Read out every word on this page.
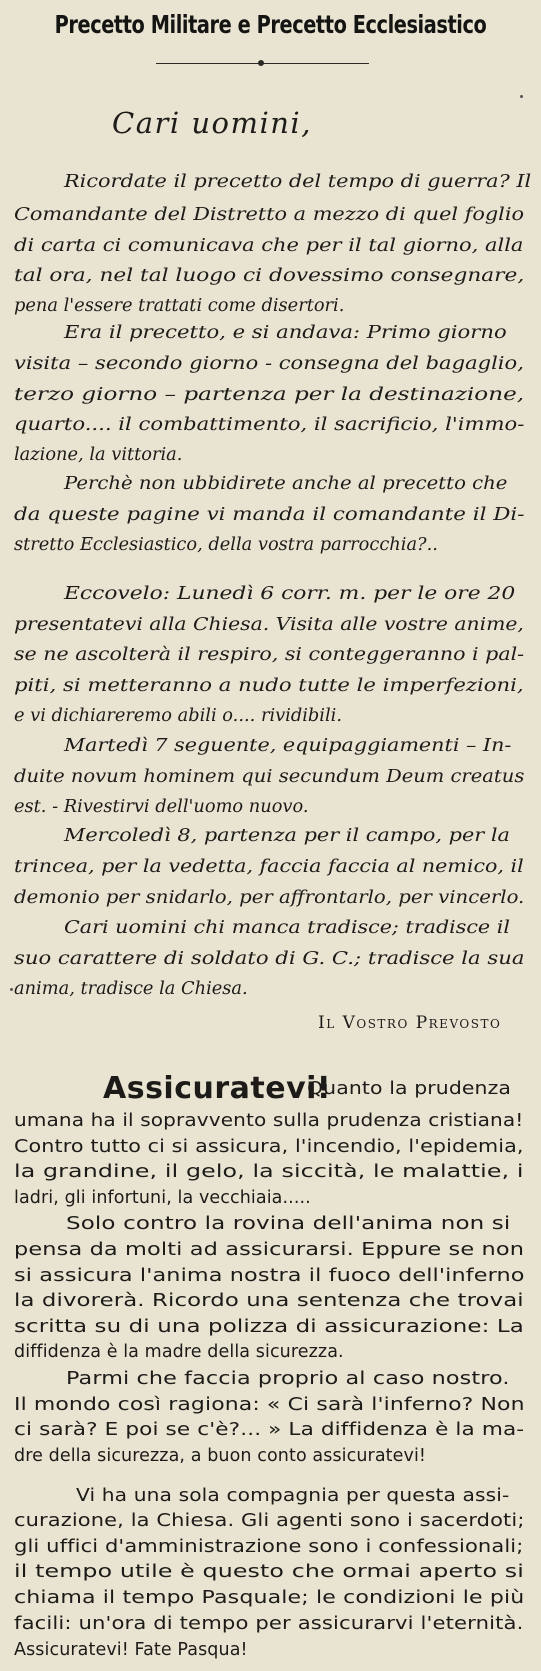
Precetto Militare e Precetto Ecclesiastico
Cari uomini,
Ricordate il precetto del tempo di guerra? Il
Comandante del Distretto a mezzo di quel foglio
di carta ci comunicava che per il tal giorno, alla
tal ora, nel tal luogo ci dovessimo consegnare,
pena l'essere trattati come disertori.
Era il precetto, e si andava: Primo giorno
visita – secondo giorno - consegna del bagaglio,
terzo giorno – partenza per la destinazione,
quarto.... il combattimento, il sacrificio, l'immo-
lazione, la vittoria.
Perchè non ubbidirete anche al precetto che
da queste pagine vi manda il comandante il Di-
stretto Ecclesiastico, della vostra parrocchia?..
Eccovelo: Lunedì 6 corr. m. per le ore 20
presentatevi alla Chiesa. Visita alle vostre anime,
se ne ascolterà il respiro, si conteggeranno i pal-
piti, si metteranno a nudo tutte le imperfezioni,
e vi dichiareremo abili o.... rividibili.
Martedì 7 seguente, equipaggiamenti – In-
duite novum hominem qui secundum Deum creatus
est. - Rivestirvi dell'uomo nuovo.
Mercoledì 8, partenza per il campo, per la
trincea, per la vedetta, faccia faccia al nemico, il
demonio per snidarlo, per affrontarlo, per vincerlo.
Cari uomini chi manca tradisce; tradisce il
suo carattere di soldato di G. C.; tradisce la sua
anima, tradisce la Chiesa.
Il Vostro Prevosto
Assicuratevi!
Quanto la prudenza
umana ha il sopravvento sulla prudenza cristiana!
Contro tutto ci si assicura, l'incendio, l'epidemia,
la grandine, il gelo, la siccità, le malattie, i
ladri, gli infortuni, la vecchiaia.....
Solo contro la rovina dell'anima non si
pensa da molti ad assicurarsi. Eppure se non
si assicura l'anima nostra il fuoco dell'inferno
la divorerà. Ricordo una sentenza che trovai
scritta su di una polizza di assicurazione: La
diffidenza è la madre della sicurezza.
Parmi che faccia proprio al caso nostro.
Il mondo così ragiona: « Ci sarà l'inferno? Non
ci sarà? E poi se c'è?... » La diffidenza è la ma-
dre della sicurezza, a buon conto assicuratevi!
Vi ha una sola compagnia per questa assi-
curazione, la Chiesa. Gli agenti sono i sacerdoti;
gli uffici d'amministrazione sono i confessionali;
il tempo utile è questo che ormai aperto si
chiama il tempo Pasquale; le condizioni le più
facili: un'ora di tempo per assicurarvi l'eternità.
Assicuratevi! Fate Pasqua!
